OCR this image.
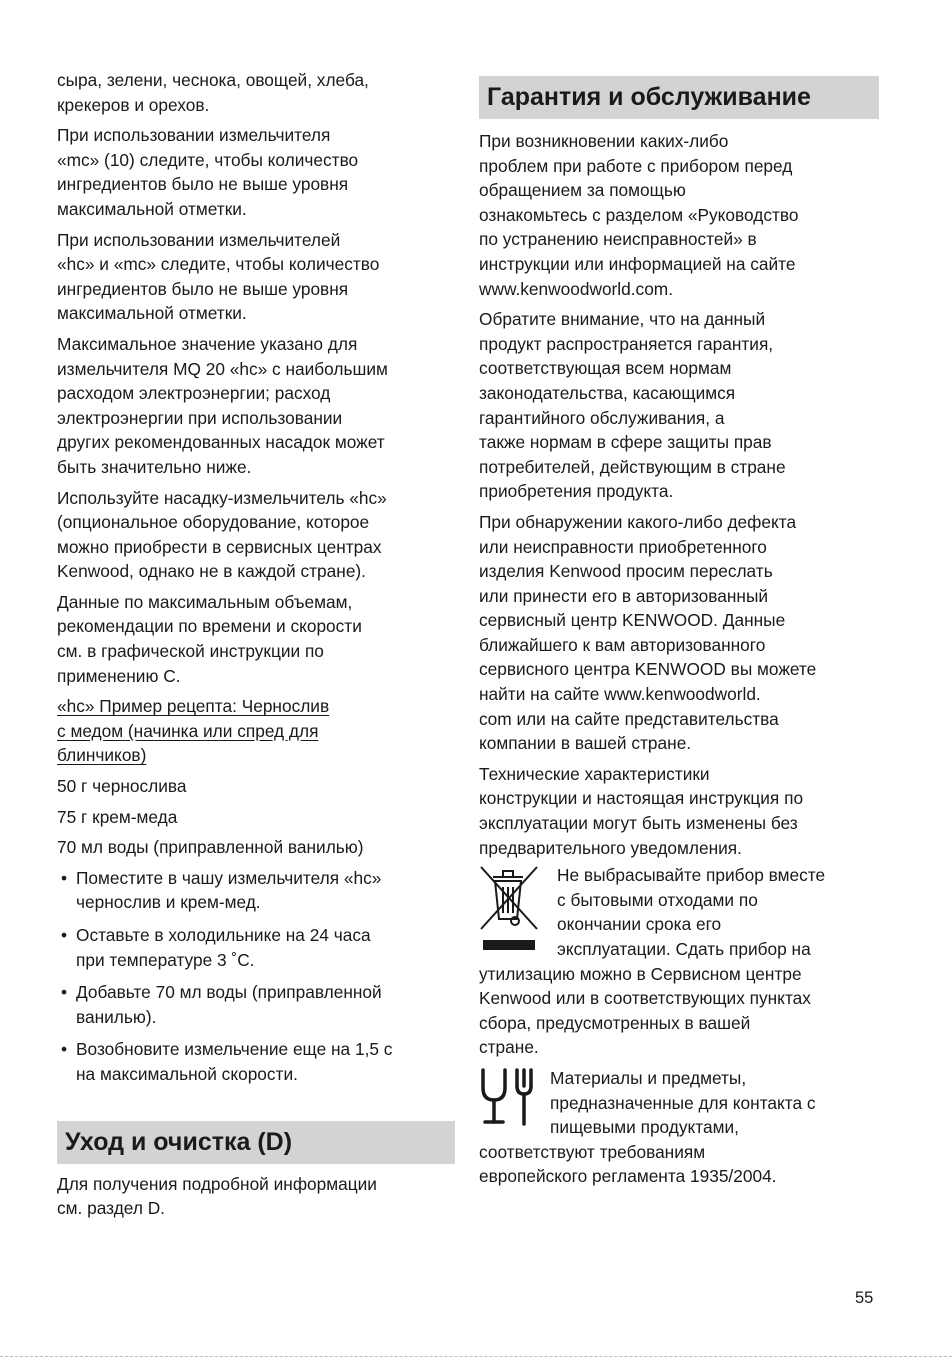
сыра, зелени, чеснока, овощей, хлеба,
крекеров и орехов.

При использовании измельчителя
«mc» (10) следите, чтобы количество
ингредиентов было не выше уровня
максимальной отметки.

При использовании измельчителей
«hc» и «mc» следите, чтобы количество
ингредиентов было не выше уровня
максимальной отметки.

Максимальное значение указано для
измельчителя MQ 20 «hc» с наибольшим
расходом электроэнергии; расход
электроэнергии при использовании
других рекомендованных насадок может
быть значительно ниже.

Используйте насадку-измельчитель «hc»
(опциональное оборудование, которое
можно приобрести в сервисных центрах
Kenwood, однако не в каждой стране).

Данные по максимальным объемам,
рекомендации по времени и скорости
см. в графической инструкции по
применению C.

«hc» Пример рецепта: Чернослив
с медом (начинка или спред для
блинчиков)

50 г чернослива

75 г крем-меда

70 мл воды (приправленной ванилью)

• Поместите в чашу измельчителя «hc»
чернослив и крем-мед.
• Оставьте в холодильнике на 24 часа
при температуре 3 ˚C.
• Добавьте 70 мл воды (приправленной
ванилью).
• Возобновите измельчение еще на 1,5 с
на максимальной скорости.
Уход и очистка (D)

Для получения подробной информации
см. раздел D.

Гарантия и обслуживание

При возникновении каких-либо
проблем при работе с прибором перед
обращением за помощью
ознакомьтесь с разделом «Руководство
по устранению неисправностей» в
инструкции или информацией на сайте
www.kenwoodworld.com.

Обратите внимание, что на данный
продукт распространяется гарантия,
соответствующая всем нормам
законодательства, касающимся
гарантийного обслуживания, а
также нормам в сфере защиты прав
потребителей, действующим в стране
приобретения продукта.

При обнаружении какого-либо дефекта
или неисправности приобретенного
изделия Kenwood просим переслать
или принести его в авторизованный
сервисный центр KENWOOD. Данные
ближайшего к вам авторизованного
сервисного центра KENWOOD вы можете
найти на сайте www.kenwoodworld.
com или на сайте представительства
компании в вашей стране.

Технические характеристики
конструкции и настоящая инструкция по
эксплуатации могут быть изменены без
предварительного уведомления.

Не выбрасывайте прибор вместе
с бытовыми отходами по
окончании срока его
эксплуатации. Сдать прибор на

утилизацию можно в Сервисном центре
Kenwood или в соответствующих пунктах
сбора, предусмотренных в вашей
стране.

Материалы и предметы,
предназначенные для контакта с
пищевыми продуктами,

соответствуют требованиям
европейского регламента 1935/2004.

55
